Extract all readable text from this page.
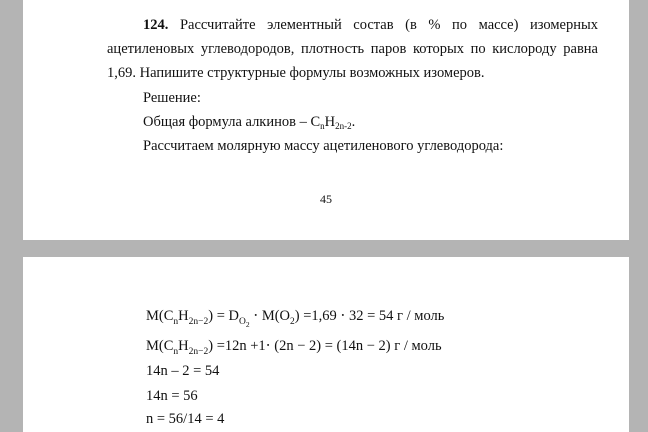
124. Рассчитайте элементный состав (в % по массе) изомерных
ацетиленовых углеводородов, плотность паров которых по кислороду равна
1,69. Напишите структурные формулы возможных изомеров.
Решение:
Общая формула алкинов – $C_nH_{2n-2}$.
Рассчитаем молярную массу ацетиленового углеводорода:
45
$M(C_nH_{2n-2}) = D_{O_2} \cdot M(O_2) =1,69 \cdot 32 = 54$ г / моль
$M(C_nH_{2n-2}) =12n +1\cdot (2n - 2) = (14n - 2)$ г / моль
14n – 2 = 54
14n = 56
n = 56/14 = 4
